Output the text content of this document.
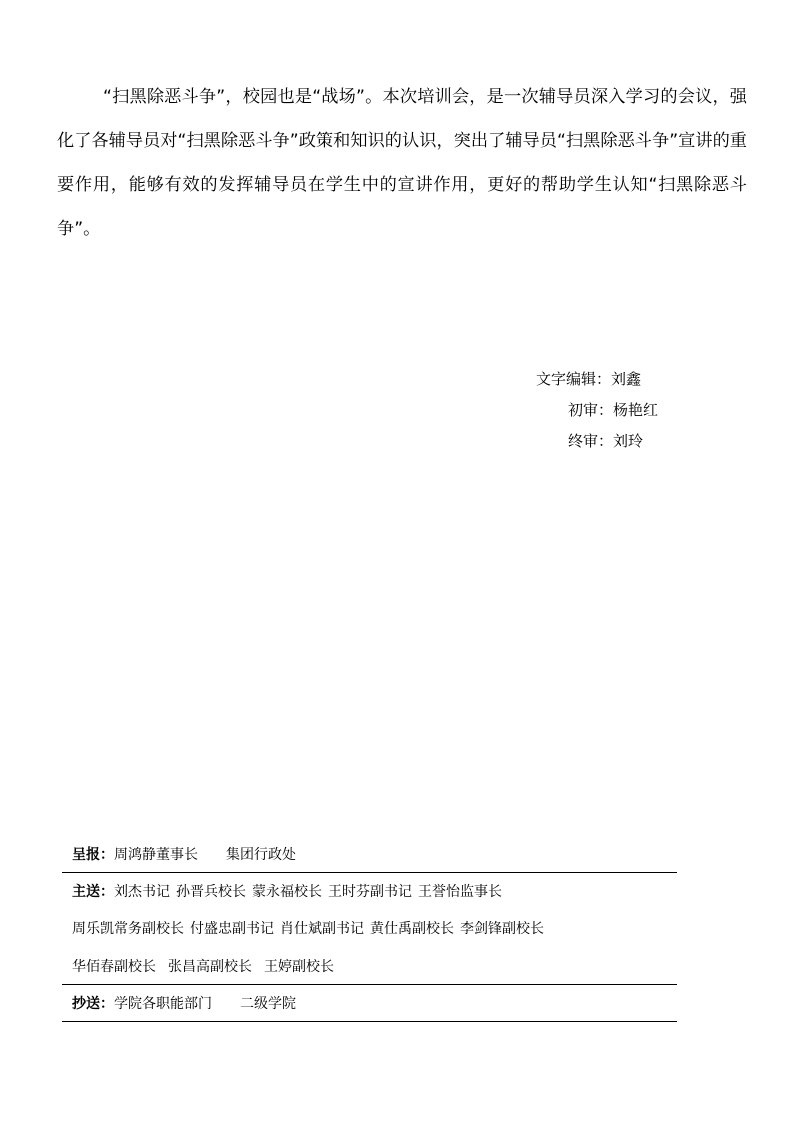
“扫黑除恶斗争”，校园也是“战场”。本次培训会，是一次辅导员深入学习的会议，强化了各辅导员对“扫黑除恶斗争”政策和知识的认识，突出了辅导员“扫黑除恶斗争”宣讲的重要作用，能够有效的发挥辅导员在学生中的宣讲作用，更好的帮助学生认知“扫黑除恶斗争”。

文字编辑：刘鑫
初审：杨艳红
终审：刘玲
呈报：周鸿静董事长 集团行政处
主送：刘杰书记 孙晋兵校长 蒙永福校长 王时芬副书记 王誉怡监事长
周乐凯常务副校长 付盛忠副书记 肖仕斌副书记 黄仕禹副校长 李剑锋副校长
华佰春副校长 张昌高副校长 王婷副校长
抄送：学院各职能部门 二级学院
